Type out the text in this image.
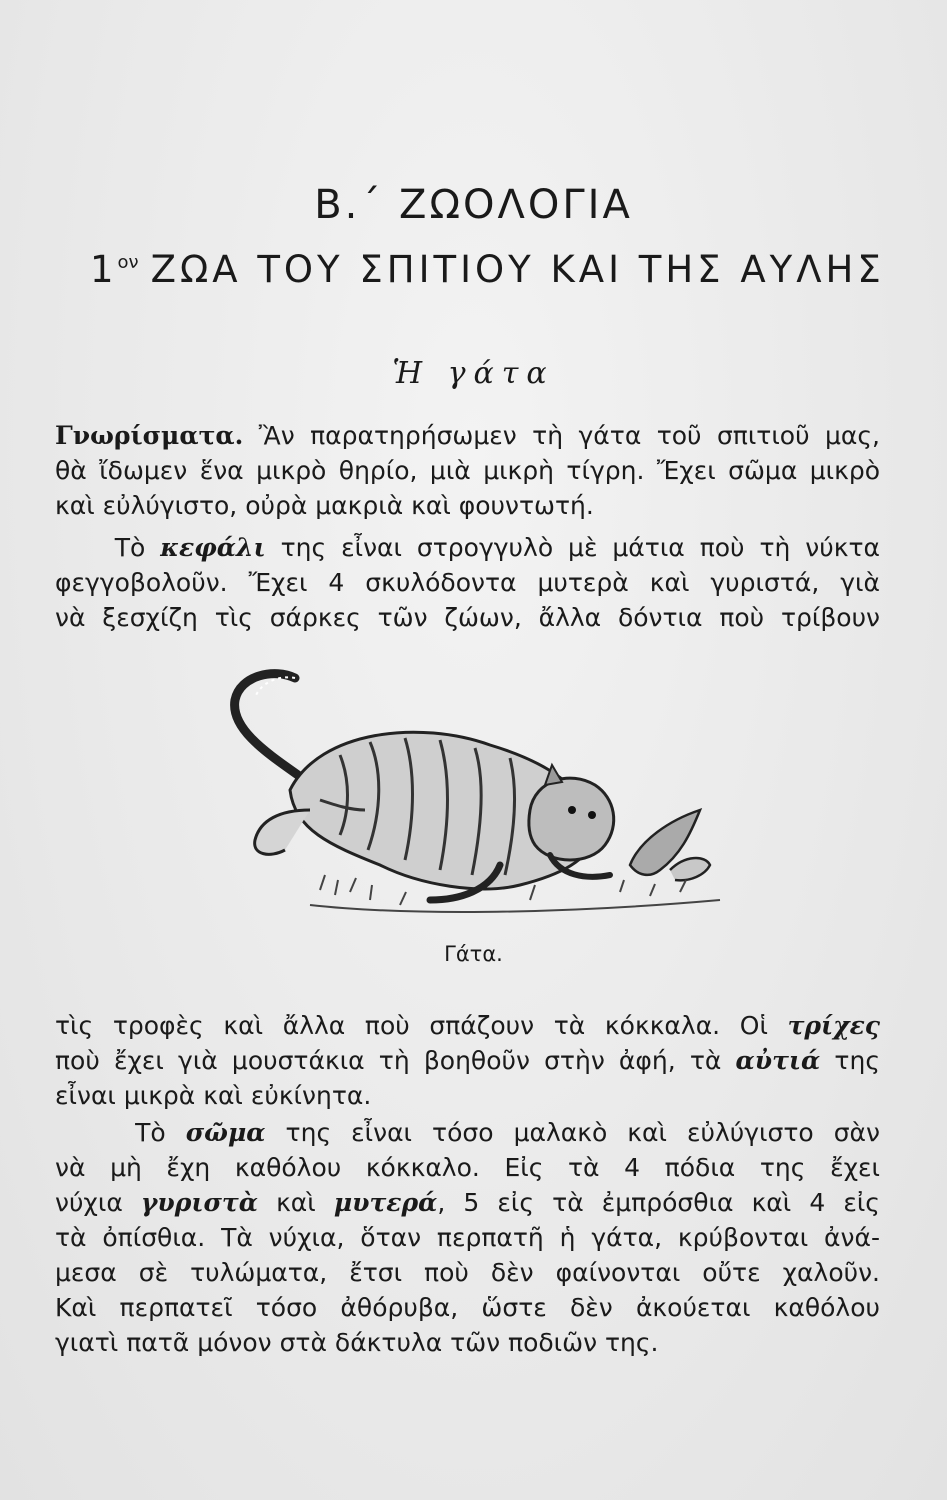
Β.΄ ΖΩΟΛΟΓΙΑ
$1^{o\nu}$ ΖΩΑ ΤΟΥ ΣΠΙΤΙΟΥ ΚΑΙ ΤΗΣ ΑΥΛΗΣ
Ἡ γάτα
Γνωρίσματα. Ἂν παρατηρήσωμεν τὴ γάτα τοῦ σπιτιοῦ μας,
θὰ ἴδωμεν ἕνα μικρὸ θηρίο, μιὰ μικρὴ τίγρη. Ἔχει σῶμα μικρὸ
καὶ εὐλύγιστο, οὐρὰ μακριὰ καὶ φουντωτή.
Τὸ κεφάλι της εἶναι στρογγυλὸ μὲ μάτια ποὺ τὴ νύκτα
φεγγοβολοῦν. Ἔχει 4 σκυλόδοντα μυτερὰ καὶ γυριστά, γιὰ
νὰ ξεσχίζη τὶς σάρκες τῶν ζώων, ἄλλα δόντια ποὺ τρίβουν
Γάτα.
τὶς τροφὲς καὶ ἄλλα ποὺ σπάζουν τὰ κόκκαλα. Οἱ τρίχες
ποὺ ἔχει γιὰ μουστάκια τὴ βοηθοῦν στὴν ἀφή, τὰ αὐτιά της
εἶναι μικρὰ καὶ εὐκίνητα.
Τὸ σῶμα της εἶναι τόσο μαλακὸ καὶ εὐλύγιστο σὰν
νὰ μὴ ἔχη καθόλου κόκκαλο. Εἰς τὰ 4 πόδια της ἔχει
νύχια γυριστὰ καὶ μυτερά, 5 εἰς τὰ ἐμπρόσθια καὶ 4 εἰς
τὰ ὀπίσθια. Τὰ νύχια, ὅταν περπατῆ ἡ γάτα, κρύβονται ἀνά-
μεσα σὲ τυλώματα, ἔτσι ποὺ δὲν φαίνονται οὔτε χαλοῦν.
Καὶ περπατεῖ τόσο ἀθόρυβα, ὥστε δὲν ἀκούεται καθόλου
γιατὶ πατᾶ μόνον στὰ δάκτυλα τῶν ποδιῶν της.
